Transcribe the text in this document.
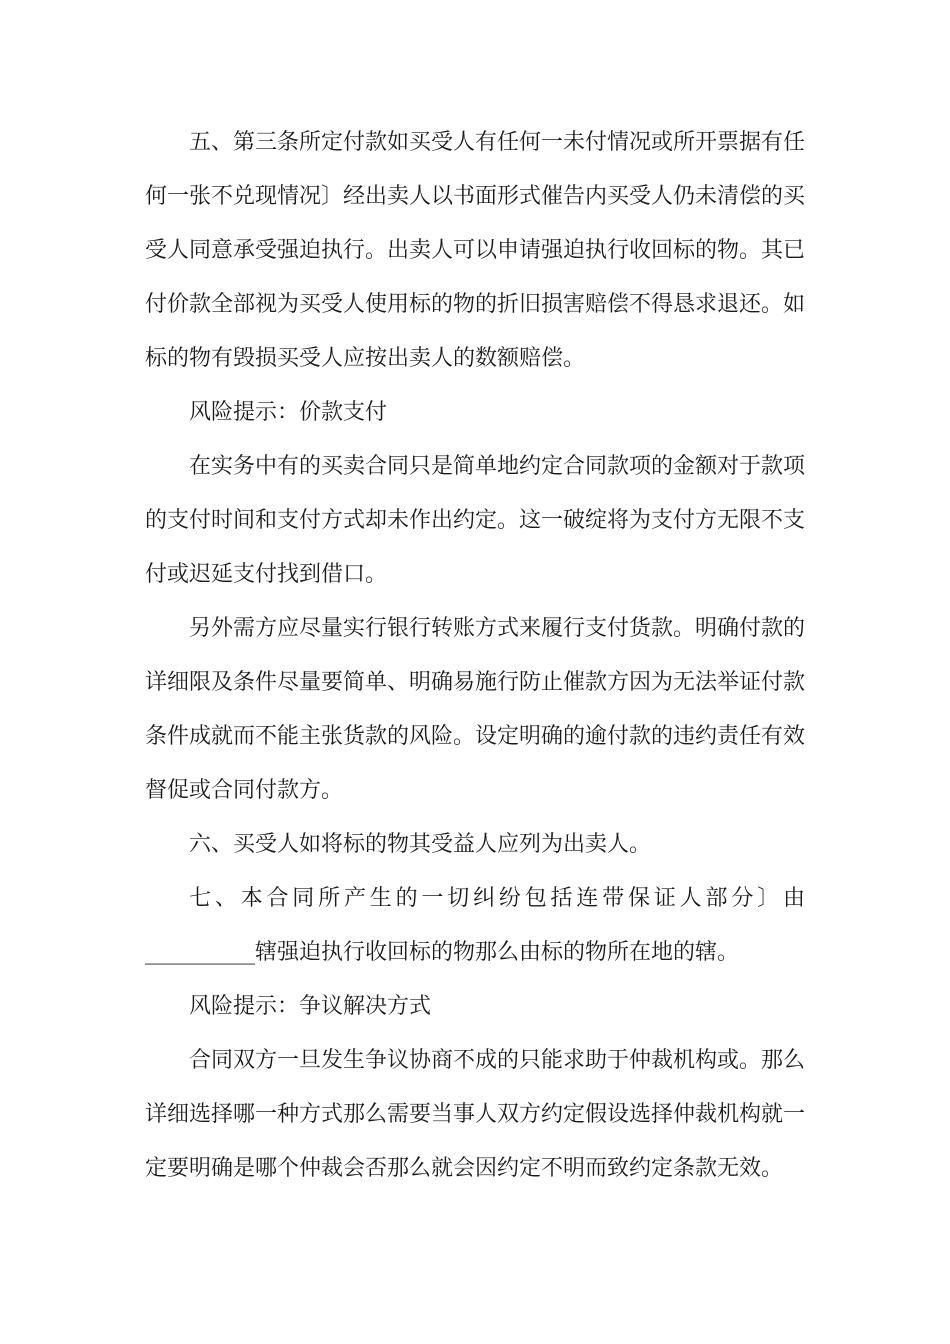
五、第三条所定付款如买受人有任何一未付情况或所开票据有任何一张不兑现情况〕经出卖人以书面形式催告内买受人仍未清偿的买受人同意承受强迫执行。出卖人可以申请强迫执行收回标的物。其已付价款全部视为买受人使用标的物的折旧损害赔偿不得恳求退还。如标的物有毁损买受人应按出卖人的数额赔偿。

风险提示：价款支付

在实务中有的买卖合同只是简单地约定合同款项的金额对于款项的支付时间和支付方式却未作出约定。这一破绽将为支付方无限不支付或迟延支付找到借口。

另外需方应尽量实行银行转账方式来履行支付货款。明确付款的详细限及条件尽量要简单、明确易施行防止催款方因为无法举证付款条件成就而不能主张货款的风险。设定明确的逾付款的违约责任有效督促或合同付款方。

六、买受人如将标的物其受益人应列为出卖人。

七、本合同所产生的一切纠纷包括连带保证人部分〕由__________辖强迫执行收回标的物那么由标的物所在地的辖。

风险提示：争议解决方式

合同双方一旦发生争议协商不成的只能求助于仲裁机构或。那么详细选择哪一种方式那么需要当事人双方约定假设选择仲裁机构就一定要明确是哪个仲裁会否那么就会因约定不明而致约定条款无效。
